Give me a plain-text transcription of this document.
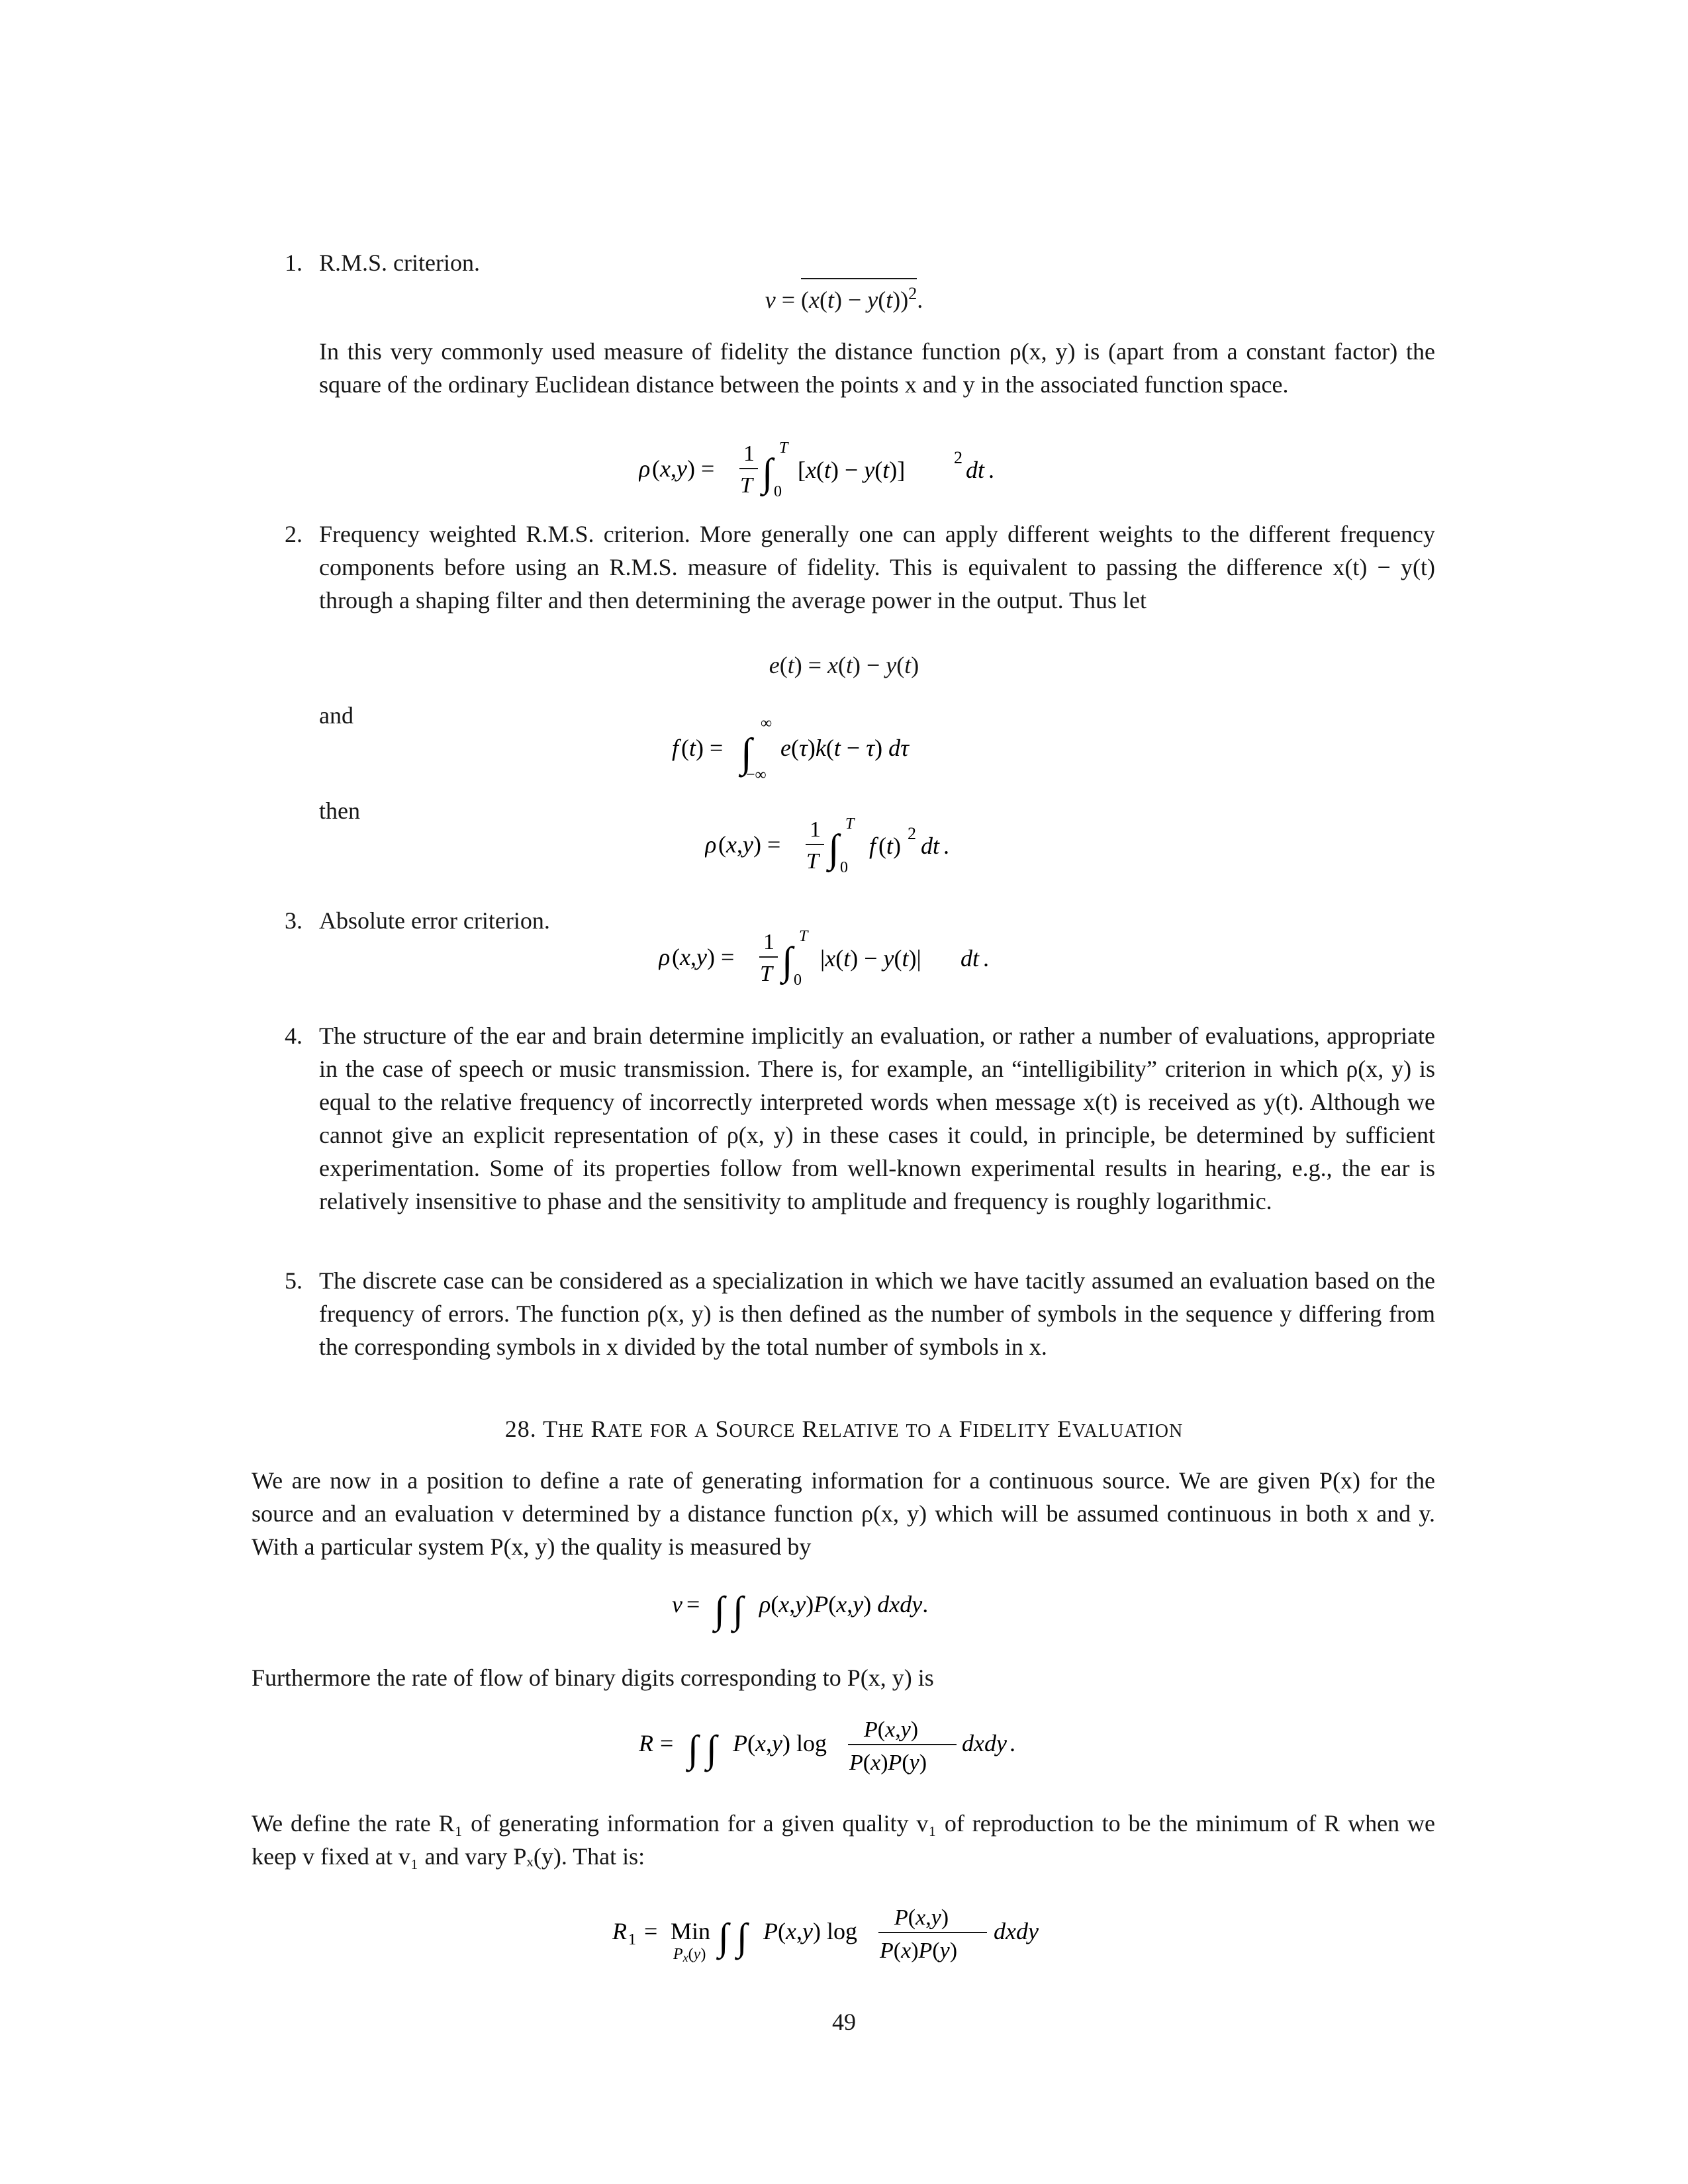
1. R.M.S. criterion.
$v = (x(t) - y(t))^2$.
In this very commonly used measure of fidelity the distance function ρ(x, y) is (apart from a constant factor) the square of the ordinary Euclidean distance between the points x and y in the associated function space.
ρ (x,y) =
1
T ∫
T
0
[x(t) − y(t)]	2 dt .
2. Frequency weighted R.M.S. criterion. More generally one can apply different weights to the different frequency components before using an R.M.S. measure of fidelity. This is equivalent to passing the difference x(t) − y(t) through a shaping filter and then determining the average power in the output. Thus let
e(t) = x(t) − y(t)
and
f (t) = ∫
∞
−∞
e(τ)k(t − τ) dτ
then
ρ (x,y) =
1
T ∫
T
0
f (t) 2 dt .
3. Absolute error criterion.
ρ (x,y) =
1
T ∫
T
0
|x(t) − y(t)| dt .
4. The structure of the ear and brain determine implicitly an evaluation, or rather a number of evaluations, appropriate in the case of speech or music transmission. There is, for example, an “intelligibility” criterion in which ρ(x, y) is equal to the relative frequency of incorrectly interpreted words when message x(t) is received as y(t). Although we cannot give an explicit representation of ρ(x, y) in these cases it could, in principle, be determined by sufficient experimentation. Some of its properties follow from well-known experimental results in hearing, e.g., the ear is relatively insensitive to phase and the sensitivity to amplitude and frequency is roughly logarithmic.
5. The discrete case can be considered as a specialization in which we have tacitly assumed an evaluation based on the frequency of errors. The function ρ(x, y) is then defined as the number of symbols in the sequence y differing from the corresponding symbols in x divided by the total number of symbols in x.
28. THE RATE FOR A SOURCE RELATIVE TO A FIDELITY EVALUATION
We are now in a position to define a rate of generating information for a continuous source. We are given P(x) for the source and an evaluation v determined by a distance function ρ(x, y) which will be assumed continuous in both x and y. With a particular system P(x, y) the quality is measured by
v = ∫ ∫ ρ(x,y)P(x,y) dxdy.
Furthermore the rate of flow of binary digits corresponding to P(x, y) is
R = ∫ ∫ P(x,y) log
P(x,y)
P(x)P(y)
dxdy .
We define the rate R₁ of generating information for a given quality v₁ of reproduction to be the minimum of R when we keep v fixed at v₁ and vary Pₓ(y). That is:
R 1 = Min
Px(y) ∫ ∫ P(x,y) log
P(x,y)
P(x)P(y)
dxdy
49
